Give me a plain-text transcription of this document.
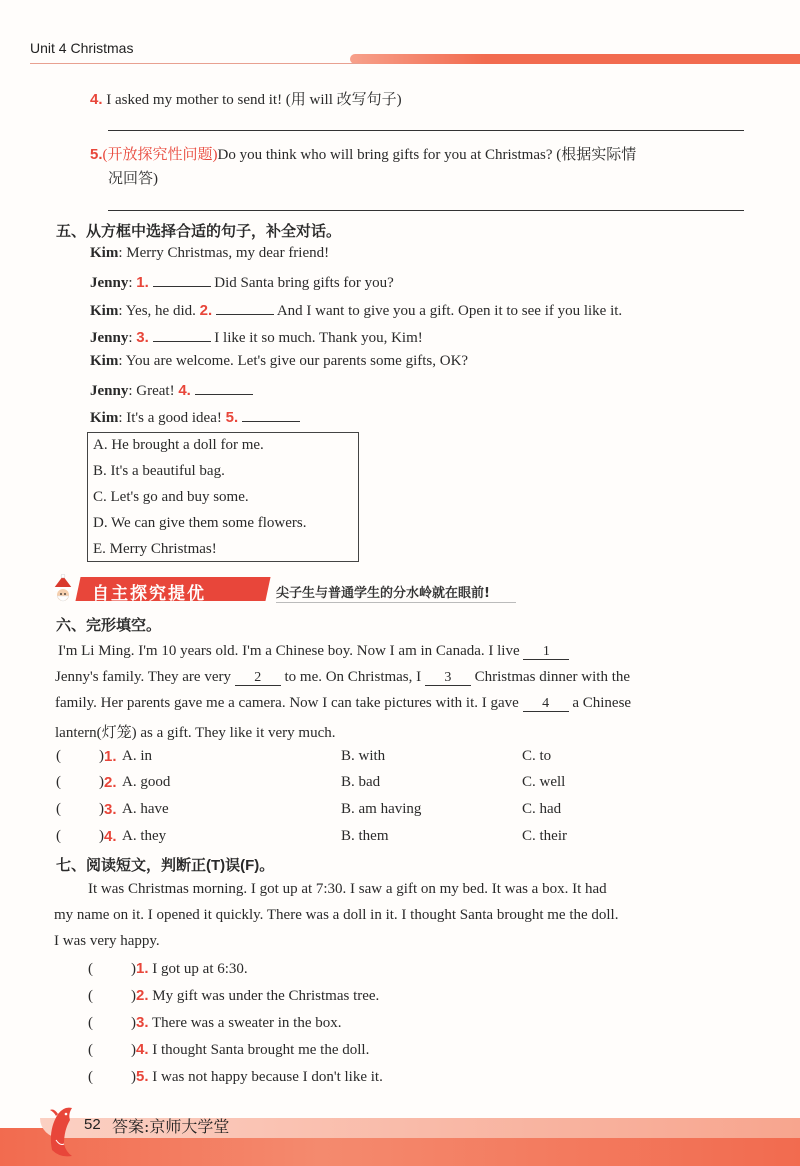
Unit 4 Christmas
4. I asked my mother to send it! (用 will 改写句子)
5.(开放探究性问题)Do you think who will bring gifts for you at Christmas? (根据实际情
况回答)
五、从方框中选择合适的句子，补全对话。
Kim: Merry Christmas, my dear friend!
Jenny: 1.	Did Santa bring gifts for you?
Kim: Yes, he did. 2.	And I want to give you a gift. Open it to see if you like it.
Jenny: 3.	I like it so much. Thank you, Kim!
Kim: You are welcome. Let's give our parents some gifts, OK?
Jenny: Great! 4.
Kim: It's a good idea! 5.
A. He brought a doll for me.
B. It's a beautiful bag.
C. Let's go and buy some.
D. We can give them some flowers.
E. Merry Christmas!
自主探究提优	尖子生与普通学生的分水岭就在眼前!
六、完形填空。
I'm Li Ming. I'm 10 years old. I'm a Chinese boy. Now I am in Canada. I live 1
Jenny's family. They are very 2 to me. On Christmas, I 3 Christmas dinner with the
family. Her parents gave me a camera. Now I can take pictures with it. I gave 4 a Chinese
lantern(灯笼) as a gift. They like it very much.
(	) 1. A. in	B. with	C. to
(	) 2. A. good	B. bad	C. well
(	) 3. A. have	B. am having	C. had
(	) 4. A. they	B. them	C. their
七、阅读短文，判断正(T)误(F)。
It was Christmas morning. I got up at 7:30. I saw a gift on my bed. It was a box. It had
my name on it. I opened it quickly. There was a doll in it. I thought Santa brought me the doll.
I was very happy.
(	)1. I got up at 6:30.
(	)2. My gift was under the Christmas tree.
(	)3. There was a sweater in the box.
(	)4. I thought Santa brought me the doll.
(	)5. I was not happy because I don't like it.
52 答案:京师大学堂
